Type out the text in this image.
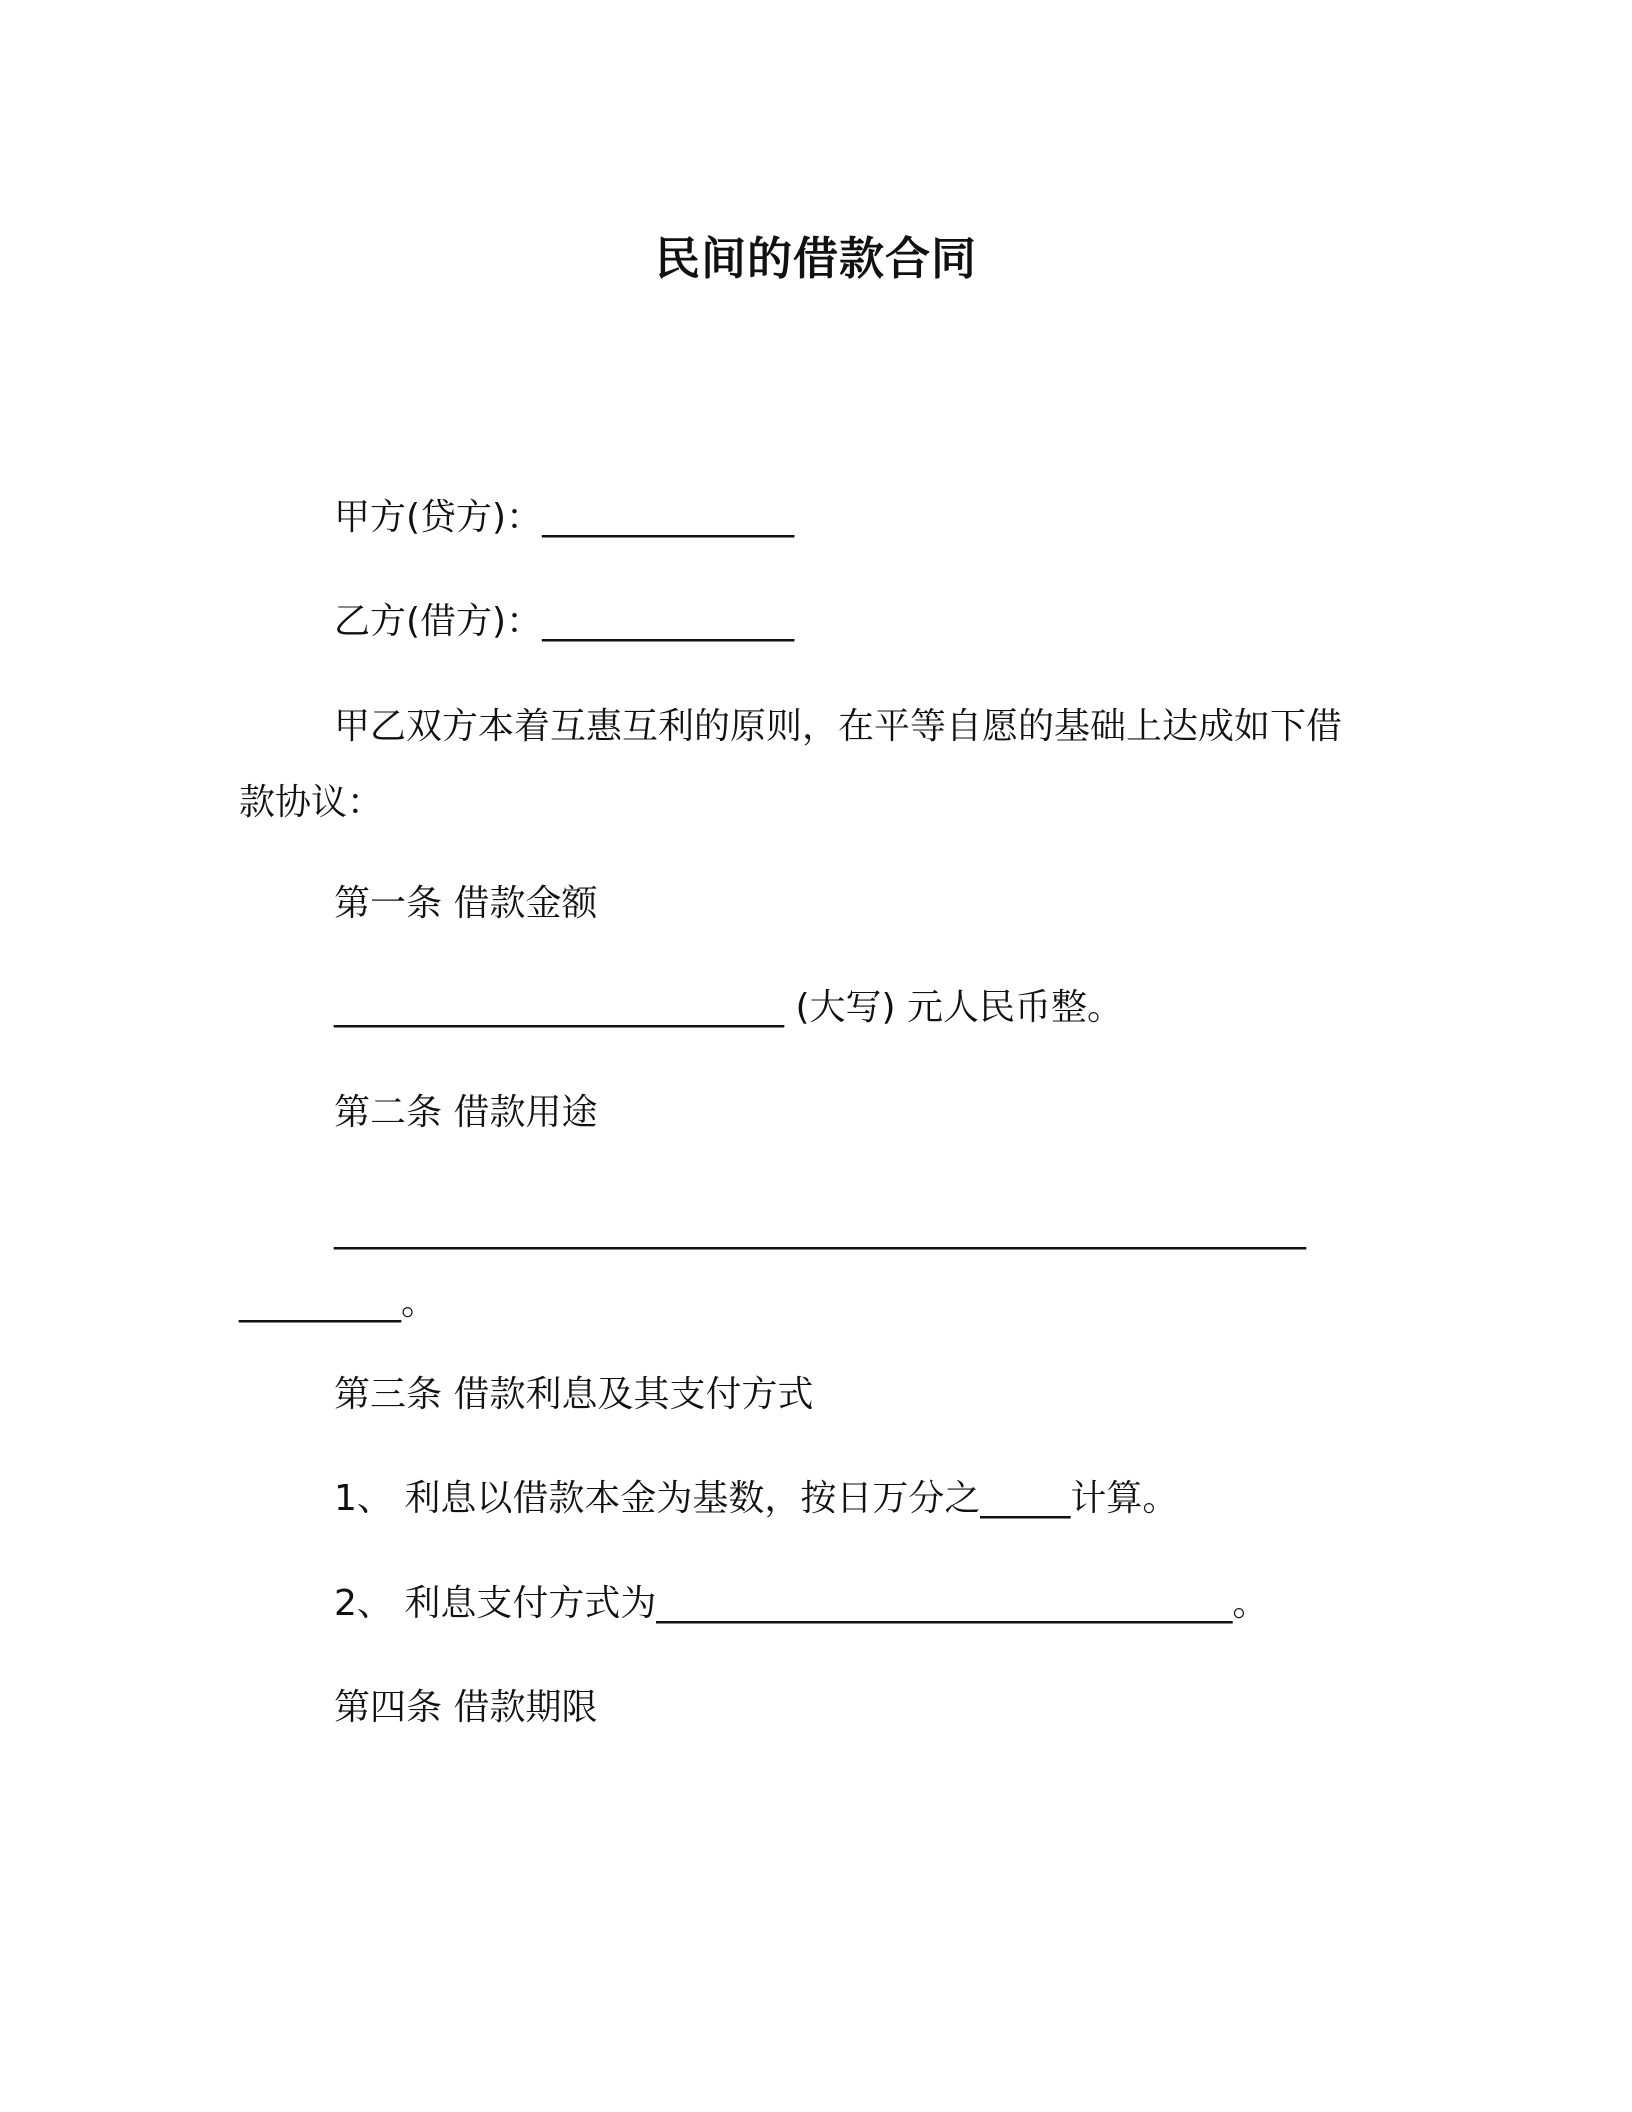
民间的借款合同
甲方(贷方)：______________
乙方(借方)：______________
甲乙双方本着互惠互利的原则，在平等自愿的基础上达成如下借
款协议：
第一条 借款金额
_________________________ (大写) 元人民币整。
第二条 借款用途
______________________________________________________
_________。
第三条 借款利息及其支付方式
1、 利息以借款本金为基数，按日万分之_____计算。
2、 利息支付方式为________________________________。
第四条 借款期限
